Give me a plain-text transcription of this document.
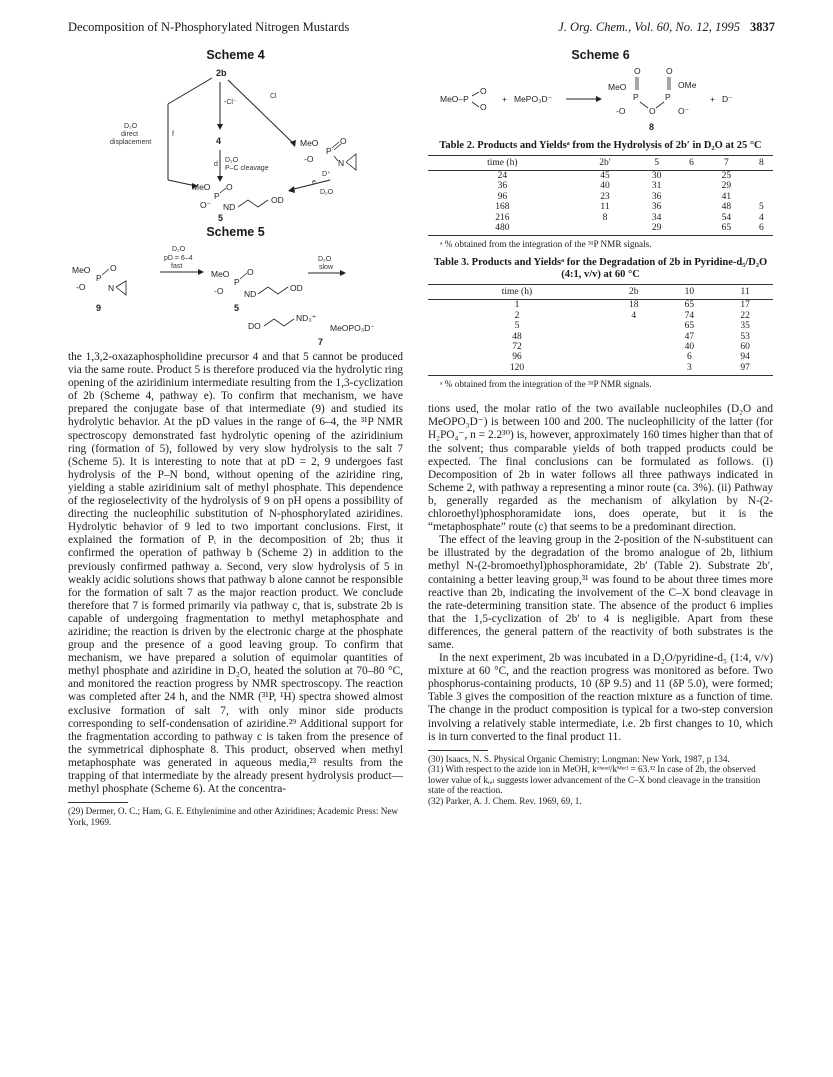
Decomposition of N-Phosphorylated Nitrogen Mustards	J. Org. Chem., Vol. 60, No. 12, 1995 3837
Scheme 4
2b
-Cl⁻
Cl
D₂O
direct
displacement
f
4
d
D₂O
P–C cleavage
MeO
P
O
-O	N
D⁺
e
D₂O
MeO
P
O
O⁻ ND
OD
5
Scheme 5
D₂O
pD = 6–4
fast
MeO
P
O
-O	N
9
MeO
P
O
-O ND
OD
5
D₂O
slow
DO
ND₃⁺
MeOPO₃D⁻
7

the 1,3,2-oxazaphospholidine precursor 4 and that 5 cannot be produced via the same route. Product 5 is therefore produced via the hydrolytic ring opening of the aziridinium intermediate resulting from the 1,3-cyclization of 2b (Scheme 4, pathway e). To confirm that mechanism, we have prepared the conjugate base of that intermediate (9) and studied its hydrolytic behavior. At the pD values in the range of 6–4, the ³¹P NMR spectroscopy demonstrated fast hydrolytic opening of the aziridinium ring (formation of 5), followed by very slow hydrolysis to the salt 7 (Scheme 5). It is interesting to note that at pD = 2, 9 undergoes fast hydrolysis of the P–N bond, without opening of the aziridine ring, yielding a stable aziridinium salt of methyl phosphate. This dependence of the regioselectivity of the hydrolysis of 9 on pH opens a possibility of directing the nucleophilic substitution of N-phosphorylated aziridines. Hydrolytic behavior of 9 led to two important conclusions. First, it explained the formation of Pᵢ in the decomposition of 2b; thus it confirmed the operation of pathway b (Scheme 2) in addition to the previously confirmed pathway a. Second, very slow hydrolysis of 5 in weakly acidic solutions shows that pathway b alone cannot be responsible for the formation of salt 7 as the major reaction product. We conclude therefore that 7 is formed primarily via pathway c, that is, substrate 2b is capable of undergoing fragmentation to methyl metaphosphate and aziridine; the reaction is driven by the electronic charge at the phosphate group and the presence of a good leaving group. To confirm that mechanism, we have prepared a solution of equimolar quantities of methyl phosphate and aziridine in D₂O, heated the solution at 70–80 °C, and monitored the reaction progress by NMR spectroscopy. The reaction was completed after 24 h, and the NMR (³¹P, ¹H) spectra showed almost exclusive formation of salt 7, with only minor side products corresponding to self-condensation of aziridine.²⁹ Additional support for the fragmentation according to pathway c is taken from the presence of the symmetrical diphosphate 8. This product, observed when methyl metaphosphate was generated in aqueous media,²³ results from the trapping of that intermediate by the already present hydrolysis product—methyl phosphate (Scheme 6). At the concentra-

(29) Dermer, O. C.; Ham, G. E. Ethylenimine and other Aziridines; Academic Press: New York, 1969.

Scheme 6
MeO–P
O
O
+ MePO₃D⁻
MeO
O	O
OMe
P	P
-O	O	O⁻
+ D⁻
8
Table 2. Products and Yieldsᵃ from the Hydrolysis of 2b′ in D₂O at 25 °C
time (h)	2b′	5	6	7	8
24	45	30		25	
36	40	31		29	
96	23	36		41	
168	11	36		48	5
216	8	34		54	4
480		29		65	6
ᵃ % obtained from the integration of the ³¹P NMR signals.
Table 3. Products and Yieldsᵃ for the Degradation of 2b in Pyridine-d₅/D₂O (4:1, v/v) at 60 °C
time (h)	2b	10	11
1	18	65	17
2	4	74	22
5		65	35
48		47	53
72		40	60
96		6	94
120		3	97
ᵃ % obtained from the integration of the ³¹P NMR signals.

tions used, the molar ratio of the two available nucleophiles (D₂O and MeOPO₃D⁻) is between 100 and 200. The nucleophilicity of the latter (for H₂PO₄⁻, n = 2.2³⁰) is, however, approximately 160 times higher than that of the solvent; thus comparable yields of both trapped products could be expected. The final conclusions can be formulated as follows. (i) Decomposition of 2b in water follows all three pathways indicated in Scheme 2, with pathway a representing a minor route (ca. 3%). (ii) Pathway b, generally regarded as the mechanism of alkylation by N-(2-chloroethyl)phosphoramidate ions, does operate, but it is the “metaphosphate” route (c) that seems to be a predominant direction.

The effect of the leaving group in the 2-position of the N-substituent can be illustrated by the degradation of the bromo analogue of 2b, lithium methyl N-(2-bromoethyl)phosphoramidate, 2b′ (Table 2). Substrate 2b′, containing a better leaving group,³¹ was found to be about three times more reactive than 2b, indicating the involvement of the C–X bond cleavage in the rate-determining transition state. The absence of the product 6 implies that the 1,5-cyclization of 2b′ to 4 is negligible. Apart from these differences, the general pattern of the reactivity of both substrates is the same.

In the next experiment, 2b was incubated in a D₂O/pyridine-d₅ (1:4, v/v) mixture at 60 °C, and the reaction progress was monitored as before. Two phosphorus-containing products, 10 (δP 9.5) and 11 (δP 5.0), were formed; Table 3 gives the composition of the reaction mixture as a function of time. The change in the product composition is typical for a two-step conversion involving a relatively stable intermediate, i.e. 2b first changes to 10, which is in turn converted to the final product 11.

(30) Isaacs, N. S. Physical Organic Chemistry; Longman: New York, 1987, p 134.

(31) With respect to the azide ion in MeOH, kᶜʰᵉᵃᵈ/kᴹᵉᶜˡ = 63.³² In case of 2b, the observed lower value of kᵣₑₗ suggests lower advancement of the C–X bond cleavage in the transition state of the reaction.

(32) Parker, A. J. Chem. Rev. 1969, 69, 1.
